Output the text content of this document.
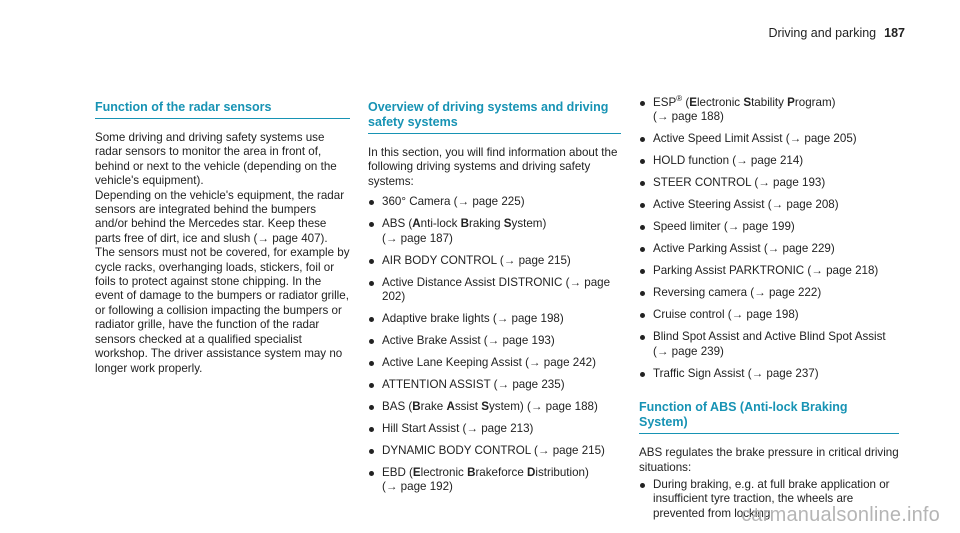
Driving and parking 187
Function of the radar sensors

Some driving and driving safety systems use radar sensors to monitor the area in front of, behind or next to the vehicle (depending on the vehicle's equipment).

Depending on the vehicle's equipment, the radar sensors are integrated behind the bumpers and/or behind the Mercedes star. Keep these parts free of dirt, ice and slush (→ page 407). The sensors must not be covered, for example by cycle racks, overhanging loads, stickers, foil or foils to protect against stone chipping. In the event of damage to the bumpers or radiator grille, or following a collision impacting the bumpers or radiator grille, have the function of the radar sensors checked at a qualified specialist workshop. The driver assistance system may no longer work properly.

Overview of driving systems and driving safety systems
In this section, you will find information about the following driving systems and driving safety systems:
360° Camera (→ page 225)
ABS (Anti-lock Braking System)
(→ page 187)
AIR BODY CONTROL (→ page 215)
Active Distance Assist DISTRONIC (→ page 202)
Adaptive brake lights (→ page 198)
Active Brake Assist (→ page 193)
Active Lane Keeping Assist (→ page 242)
ATTENTION ASSIST (→ page 235)
BAS (Brake Assist System) (→ page 188)
Hill Start Assist (→ page 213)
DYNAMIC BODY CONTROL (→ page 215)
EBD (Electronic Brakeforce Distribution)
(→ page 192)
ESP® (Electronic Stability Program)
(→ page 188)
Active Speed Limit Assist (→ page 205)
HOLD function (→ page 214)
STEER CONTROL (→ page 193)
Active Steering Assist (→ page 208)
Speed limiter (→ page 199)
Active Parking Assist (→ page 229)
Parking Assist PARKTRONIC (→ page 218)
Reversing camera (→ page 222)
Cruise control (→ page 198)
Blind Spot Assist and Active Blind Spot Assist (→ page 239)
Traffic Sign Assist (→ page 237)
Function of ABS (Anti-lock Braking System)
ABS regulates the brake pressure in critical driving situations:
During braking, e.g. at full brake application or insufficient tyre traction, the wheels are prevented from locking.
carmanualsonline.info
